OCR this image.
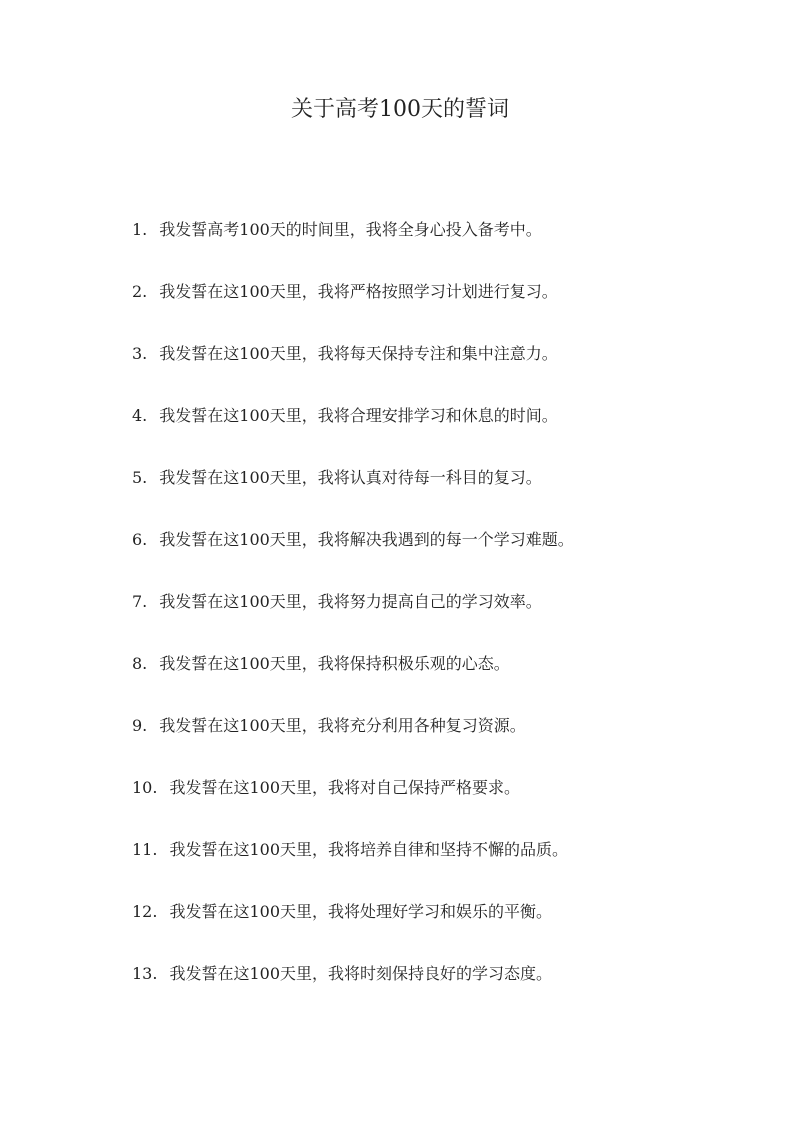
关于高考100天的誓词
1. 我发誓高考100天的时间里，我将全身心投入备考中。
2. 我发誓在这100天里，我将严格按照学习计划进行复习。
3. 我发誓在这100天里，我将每天保持专注和集中注意力。
4. 我发誓在这100天里，我将合理安排学习和休息的时间。
5. 我发誓在这100天里，我将认真对待每一科目的复习。
6. 我发誓在这100天里，我将解决我遇到的每一个学习难题。
7. 我发誓在这100天里，我将努力提高自己的学习效率。
8. 我发誓在这100天里，我将保持积极乐观的心态。
9. 我发誓在这100天里，我将充分利用各种复习资源。
10. 我发誓在这100天里，我将对自己保持严格要求。
11. 我发誓在这100天里，我将培养自律和坚持不懈的品质。
12. 我发誓在这100天里，我将处理好学习和娱乐的平衡。
13. 我发誓在这100天里，我将时刻保持良好的学习态度。
